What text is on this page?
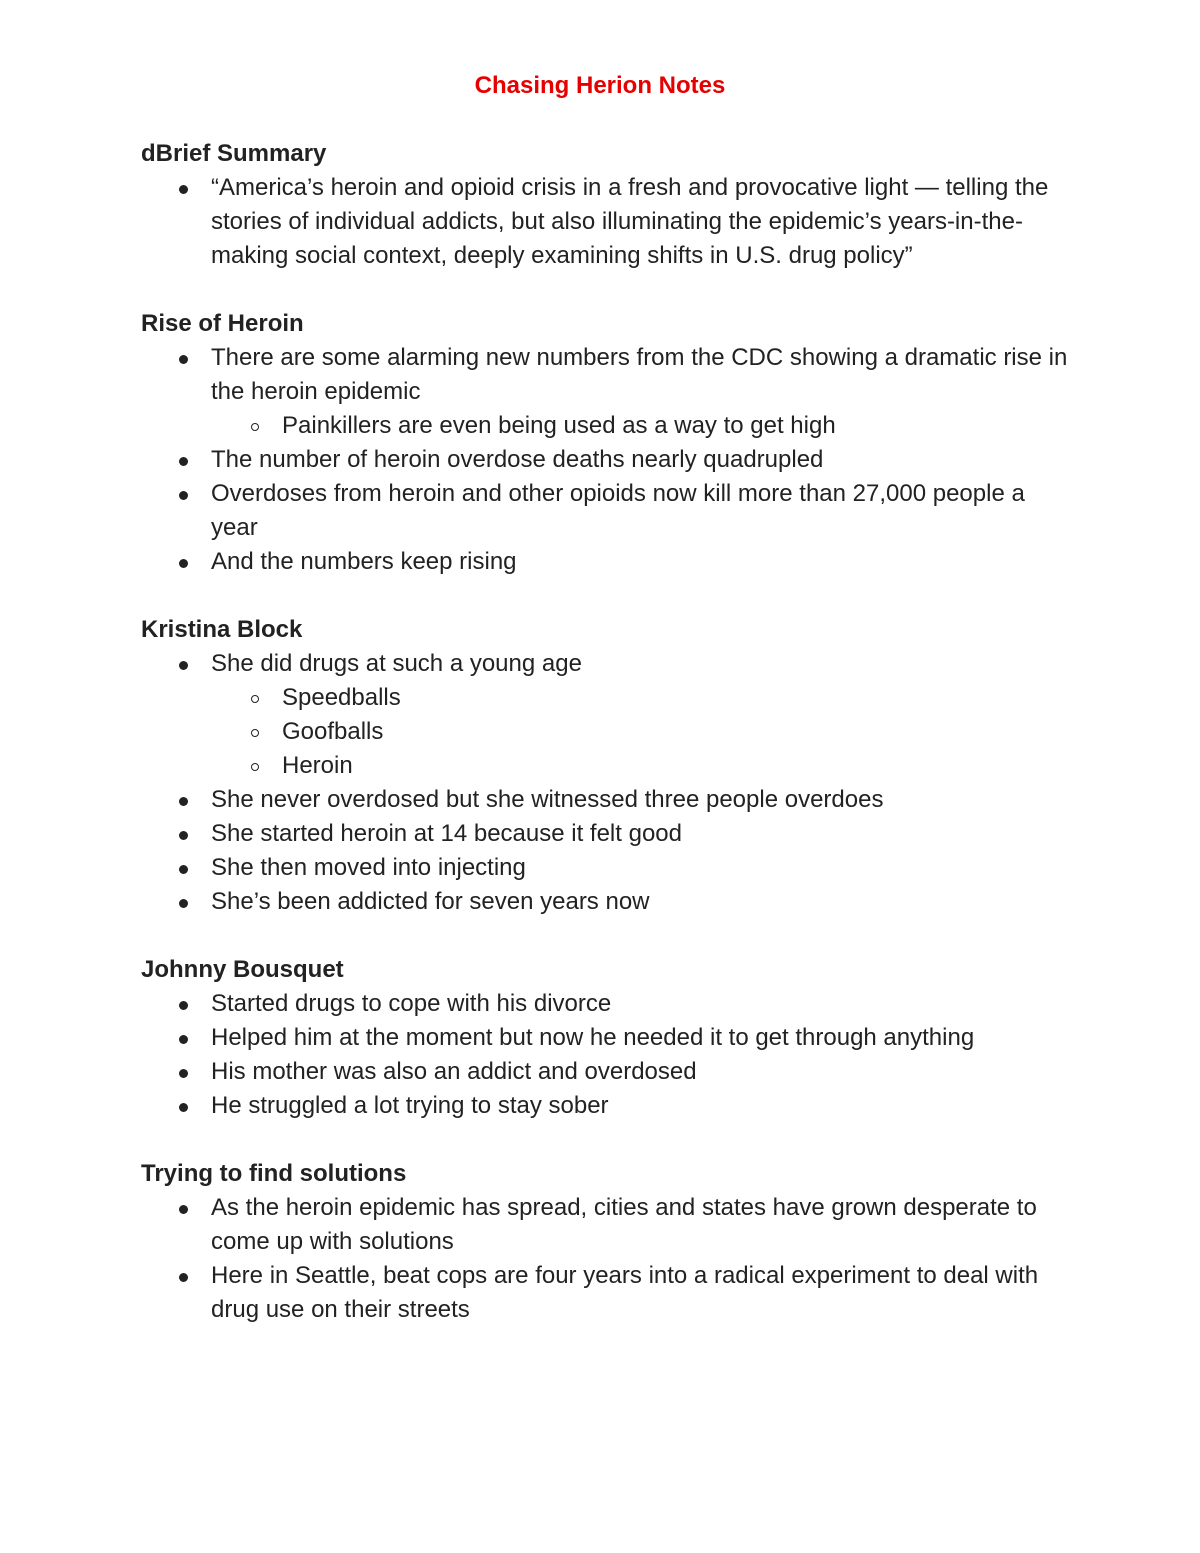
Chasing Herion Notes
dBrief Summary
“America’s heroin and opioid crisis in a fresh and provocative light — telling the stories of individual addicts, but also illuminating the epidemic’s years-in-the-making social context, deeply examining shifts in U.S. drug policy”
Rise of Heroin
There are some alarming new numbers from the CDC showing a dramatic rise in the heroin epidemic
Painkillers are even being used as a way to get high
The number of heroin overdose deaths nearly quadrupled
Overdoses from heroin and other opioids now kill more than 27,000 people a year
And the numbers keep rising
Kristina Block
She did drugs at such a young age
Speedballs
Goofballs
Heroin
She never overdosed but she witnessed three people overdoes
She started heroin at 14 because it felt good
She then moved into injecting
She’s been addicted for seven years now
Johnny Bousquet
Started drugs to cope with his divorce
Helped him at the moment but now he needed it to get through anything
His mother was also an addict and overdosed
He struggled a lot trying to stay sober
Trying to find solutions
As the heroin epidemic has spread, cities and states have grown desperate to come up with solutions
Here in Seattle, beat cops are four years into a radical experiment to deal with drug use on their streets
